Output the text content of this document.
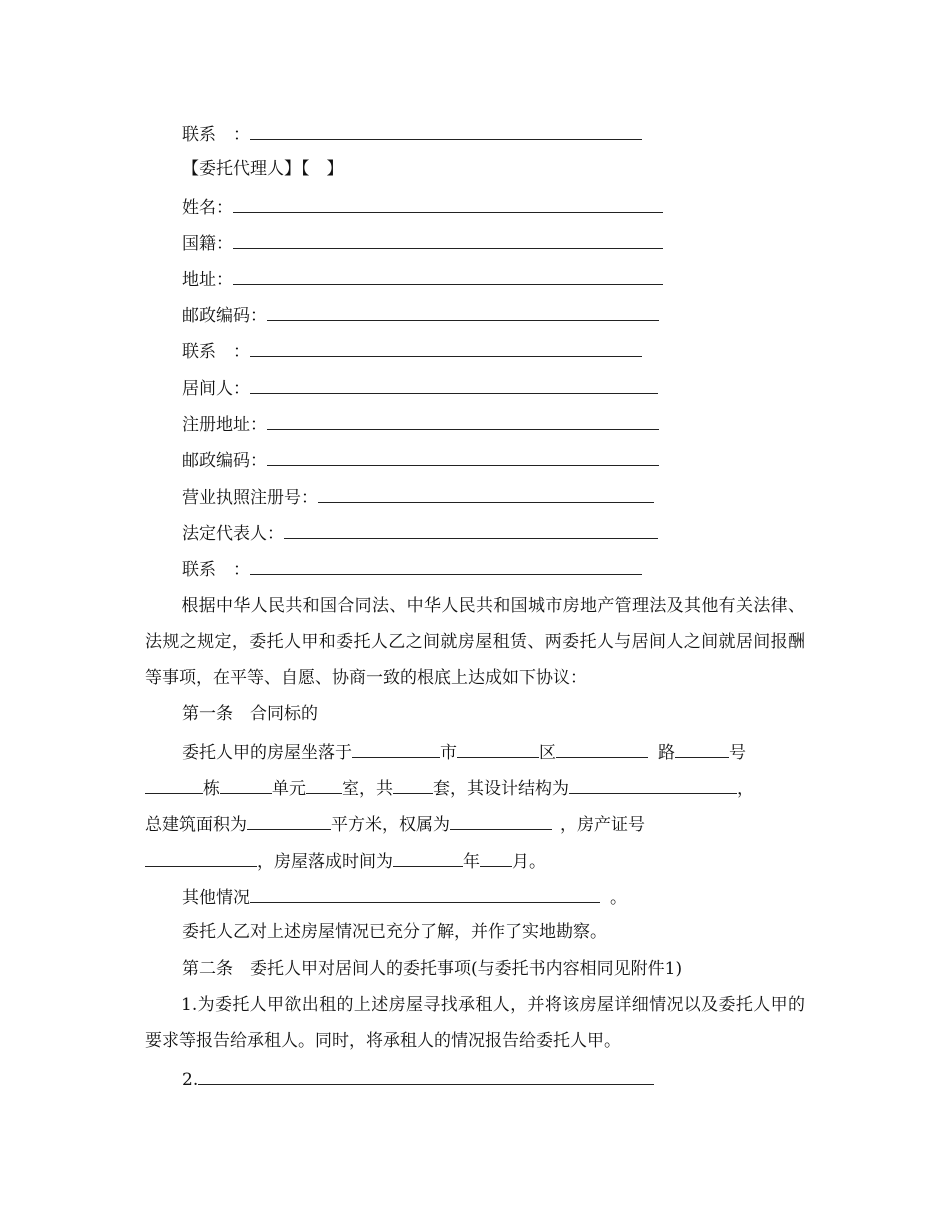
联系　：
【委托代理人】【　】
姓名：
国籍：
地址：
邮政编码：
联系　：
居间人：
注册地址：
邮政编码：
营业执照注册号：
法定代表人：
联系　：
根据中华人民共和国合同法、中华人民共和国城市房地产管理法及其他有关法律、法规之规定，委托人甲和委托人乙之间就房屋租赁、两委托人与居间人之间就居间报酬等事项，在平等、自愿、协商一致的根底上达成如下协议：
第一条　合同标的
委托人甲的房屋坐落于	市	区	路	号
栋	单元 室，共 套，其设计结构为	，
总建筑面积为	平方米，权属为	，房产证号
，房屋落成时间为	年 月。
其他情况	。
委托人乙对上述房屋情况已充分了解，并作了实地勘察。
第二条　委托人甲对居间人的委托事项(与委托书内容相同见附件1)
1.为委托人甲欲出租的上述房屋寻找承租人，并将该房屋详细情况以及委托人甲的要求等报告给承租人。同时，将承租人的情况报告给委托人甲。
2.
